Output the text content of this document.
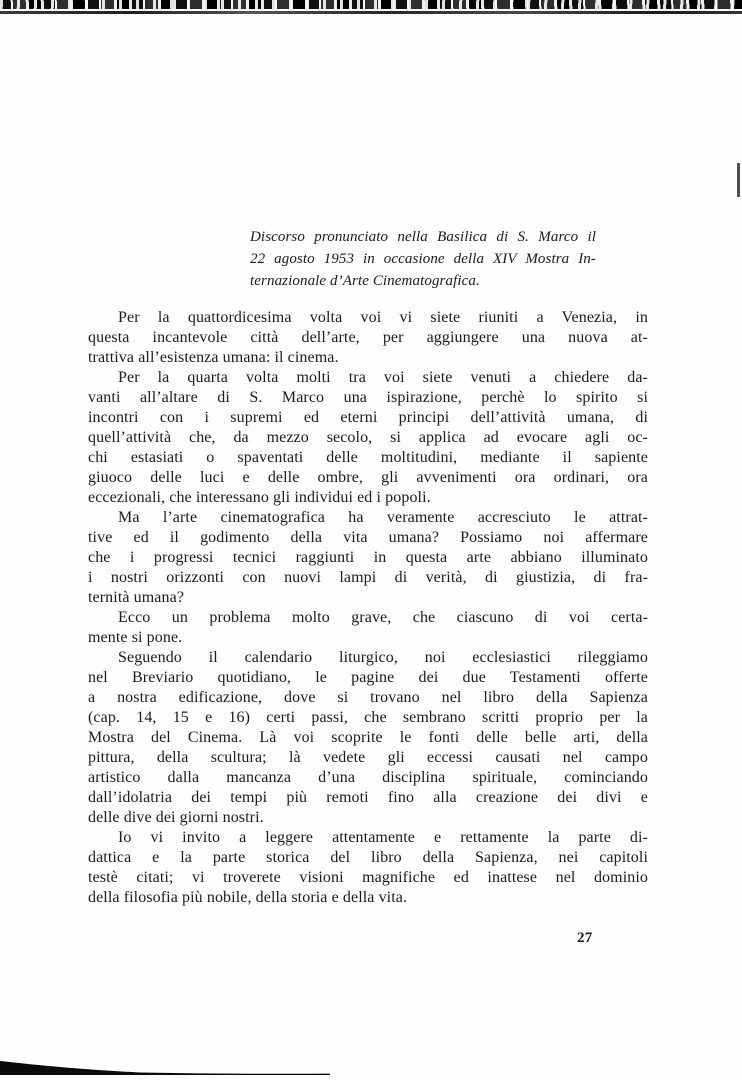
Discorso pronunciato nella Basilica di S. Marco il
22 agosto 1953 in occasione della XIV Mostra In-
ternazionale d’Arte Cinematografica.
Per la quattordicesima volta voi vi siete riuniti a Venezia, in
questa incantevole città dell’arte, per aggiungere una nuova at-
trattiva all’esistenza umana: il cinema.
Per la quarta volta molti tra voi siete venuti a chiedere da-
vanti all’altare di S. Marco una ispirazione, perchè lo spirito si
incontri con i supremi ed eterni principi dell’attività umana, di
quell’attività che, da mezzo secolo, si applica ad evocare agli oc-
chi estasiati o spaventati delle moltitudini, mediante il sapiente
giuoco delle luci e delle ombre, gli avvenimenti ora ordinari, ora
eccezionali, che interessano gli individui ed i popoli.
Ma l’arte cinematografica ha veramente accresciuto le attrat-
tive ed il godimento della vita umana? Possiamo noi affermare
che i progressi tecnici raggiunti in questa arte abbiano illuminato
i nostri orizzonti con nuovi lampi di verità, di giustizia, di fra-
ternità umana?
Ecco un problema molto grave, che ciascuno di voi certa-
mente si pone.
Seguendo il calendario liturgico, noi ecclesiastici rileggiamo
nel Breviario quotidiano, le pagine dei due Testamenti offerte
a nostra edificazione, dove si trovano nel libro della Sapienza
(cap. 14, 15 e 16) certi passi, che sembrano scritti proprio per la
Mostra del Cinema. Là voi scoprite le fonti delle belle arti, della
pittura, della scultura; là vedete gli eccessi causati nel campo
artistico dalla mancanza d’una disciplina spirituale, cominciando
dall’idolatria dei tempi più remoti fino alla creazione dei divi e
delle dive dei giorni nostri.
Io vi invito a leggere attentamente e rettamente la parte di-
dattica e la parte storica del libro della Sapienza, nei capitoli
testè citati; vi troverete visioni magnifiche ed inattese nel dominio
della filosofia più nobile, della storia e della vita.
27
